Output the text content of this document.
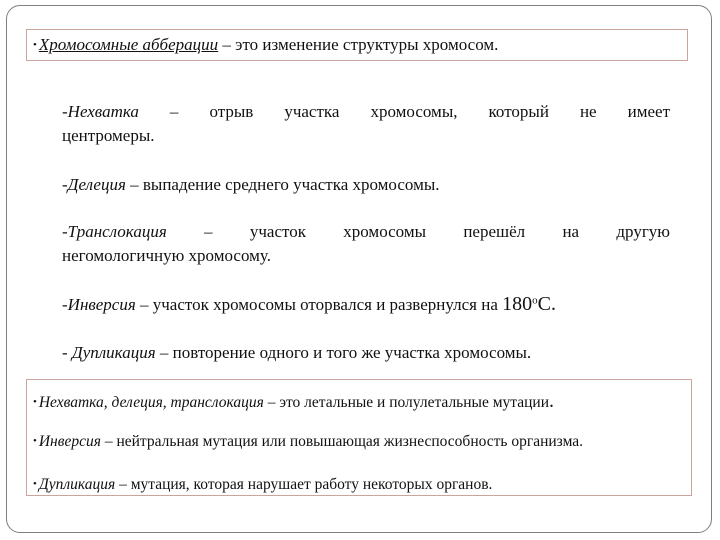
• Хромосомные абберации – это изменение структуры хромосом.
-Нехватка – отрыв участка хромосомы, который не имеет
центромеры.
-Делеция – выпадение среднего участка хромосомы.
-Транслокация – участок хромосомы перешёл на другую
негомологичную хромосому.
-Инверсия – участок хромосомы оторвался и развернулся на $180^оС$.
- Дупликация – повторение одного и того же участка хромосомы.
• Нехватка, делеция, транслокация – это летальные и полулетальные мутации.
• Инверсия – нейтральная мутация или повышающая жизнеспособность организма.
• Дупликация – мутация, которая нарушает работу некоторых органов.
